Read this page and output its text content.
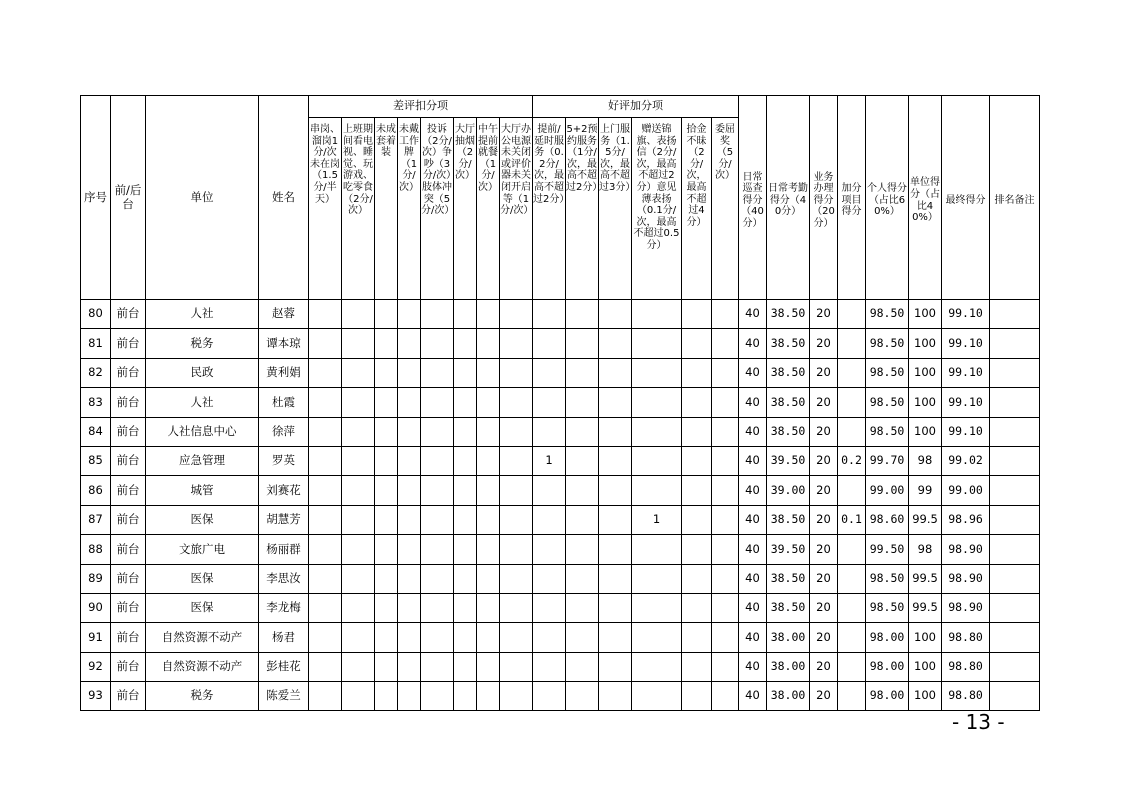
序号	前/后台	单位	姓名	差评扣分项								好评加分项						日常巡查得分（40分）	日常考勤得分（40分）	业务办理得分（20分）	加分项目得分	个人得分（占比60%）	单位得分（占比40%）	最终得分	排名备注
				串岗、溜岗1分/次未在岗（1.5分/半天）	上班期间看电视、睡觉、玩游戏、吃零食（2分/次）	未成套着装	未戴工作牌（1分/次）	投诉（2分/次）争吵（3分/次）肢体冲突（5分/次）	大厅抽烟（2分/次）	中午提前就餐（1分/次）	大厅办公电源未关闭或评价器未关闭开启等（1分/次）	提前/延时服务（0.2分/次，最高不超过2分）	5+2预约服务（1分/次，最高不超过2分）	上门服务（1.5分/次，最高不超过3分）	赠送锦旗、表扬信（2分/次，最高不超过2分）意见薄表扬（0.1分/次，最高不超过0.5分）	拾金不昧（2分/次，最高不超过4分）	委屈奖（5分/次）								
80	前台	人社	赵蓉															40	38.50	20		98.50	100	99.10	
81	前台	税务	谭本琼															40	38.50	20		98.50	100	99.10	
82	前台	民政	黄利娟															40	38.50	20		98.50	100	99.10	
83	前台	人社	杜霞															40	38.50	20		98.50	100	99.10	
84	前台	人社信息中心	徐萍															40	38.50	20		98.50	100	99.10	
85	前台	应急管理	罗英									1						40	39.50	20	0.2	99.70	98	99.02	
86	前台	城管	刘赛花															40	39.00	20		99.00	99	99.00	
87	前台	医保	胡慧芳												1			40	38.50	20	0.1	98.60	99.5	98.96	
88	前台	文旅广电	杨丽群															40	39.50	20		99.50	98	98.90	
89	前台	医保	李思汝															40	38.50	20		98.50	99.5	98.90	
90	前台	医保	李龙梅															40	38.50	20		98.50	99.5	98.90	
91	前台	自然资源不动产	杨君															40	38.00	20		98.00	100	98.80	
92	前台	自然资源不动产	彭桂花															40	38.00	20		98.00	100	98.80	
93	前台	税务	陈爱兰															40	38.00	20		98.00	100	98.80	
- 13 -
